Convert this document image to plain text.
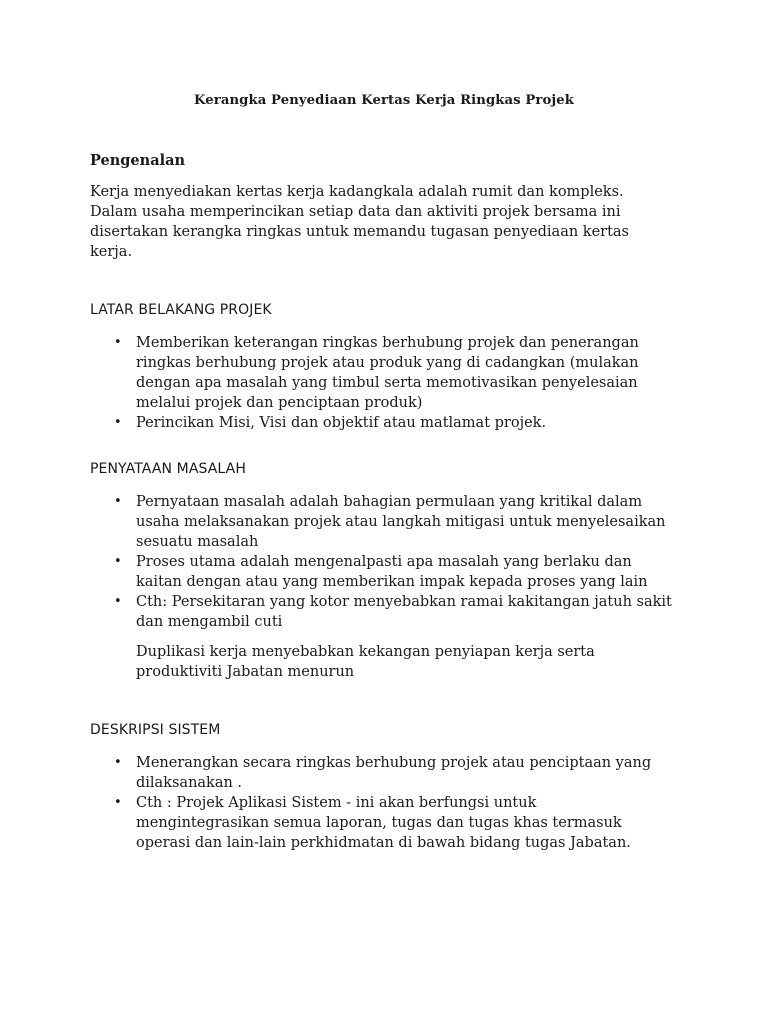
Kerangka Penyediaan Kertas Kerja Ringkas Projek
Pengenalan
Kerja menyediakan kertas kerja kadangkala adalah rumit dan kompleks.
Dalam usaha memperincikan setiap data dan aktiviti projek bersama ini
disertakan kerangka ringkas untuk memandu tugasan penyediaan kertas
kerja.
LATAR BELAKANG PROJEK
• Memberikan keterangan ringkas berhubung projek dan penerangan
ringkas berhubung projek atau produk yang di cadangkan (mulakan
dengan apa masalah yang timbul serta memotivasikan penyelesaian
melalui projek dan penciptaan produk)
• Perincikan Misi, Visi dan objektif atau matlamat projek.
PENYATAAN MASALAH
• Pernyataan masalah adalah bahagian permulaan yang kritikal dalam
usaha melaksanakan projek atau langkah mitigasi untuk menyelesaikan
sesuatu masalah
• Proses utama adalah mengenalpasti apa masalah yang berlaku dan
kaitan dengan atau yang memberikan impak kepada proses yang lain
• Cth: Persekitaran yang kotor menyebabkan ramai kakitangan jatuh sakit
dan mengambil cuti
Duplikasi kerja menyebabkan kekangan penyiapan kerja serta
produktiviti Jabatan menurun
DESKRIPSI SISTEM
• Menerangkan secara ringkas berhubung projek atau penciptaan yang
dilaksanakan .
• Cth : Projek Aplikasi Sistem - ini akan berfungsi untuk
mengintegrasikan semua laporan, tugas dan tugas khas termasuk
operasi dan lain-lain perkhidmatan di bawah bidang tugas Jabatan.
